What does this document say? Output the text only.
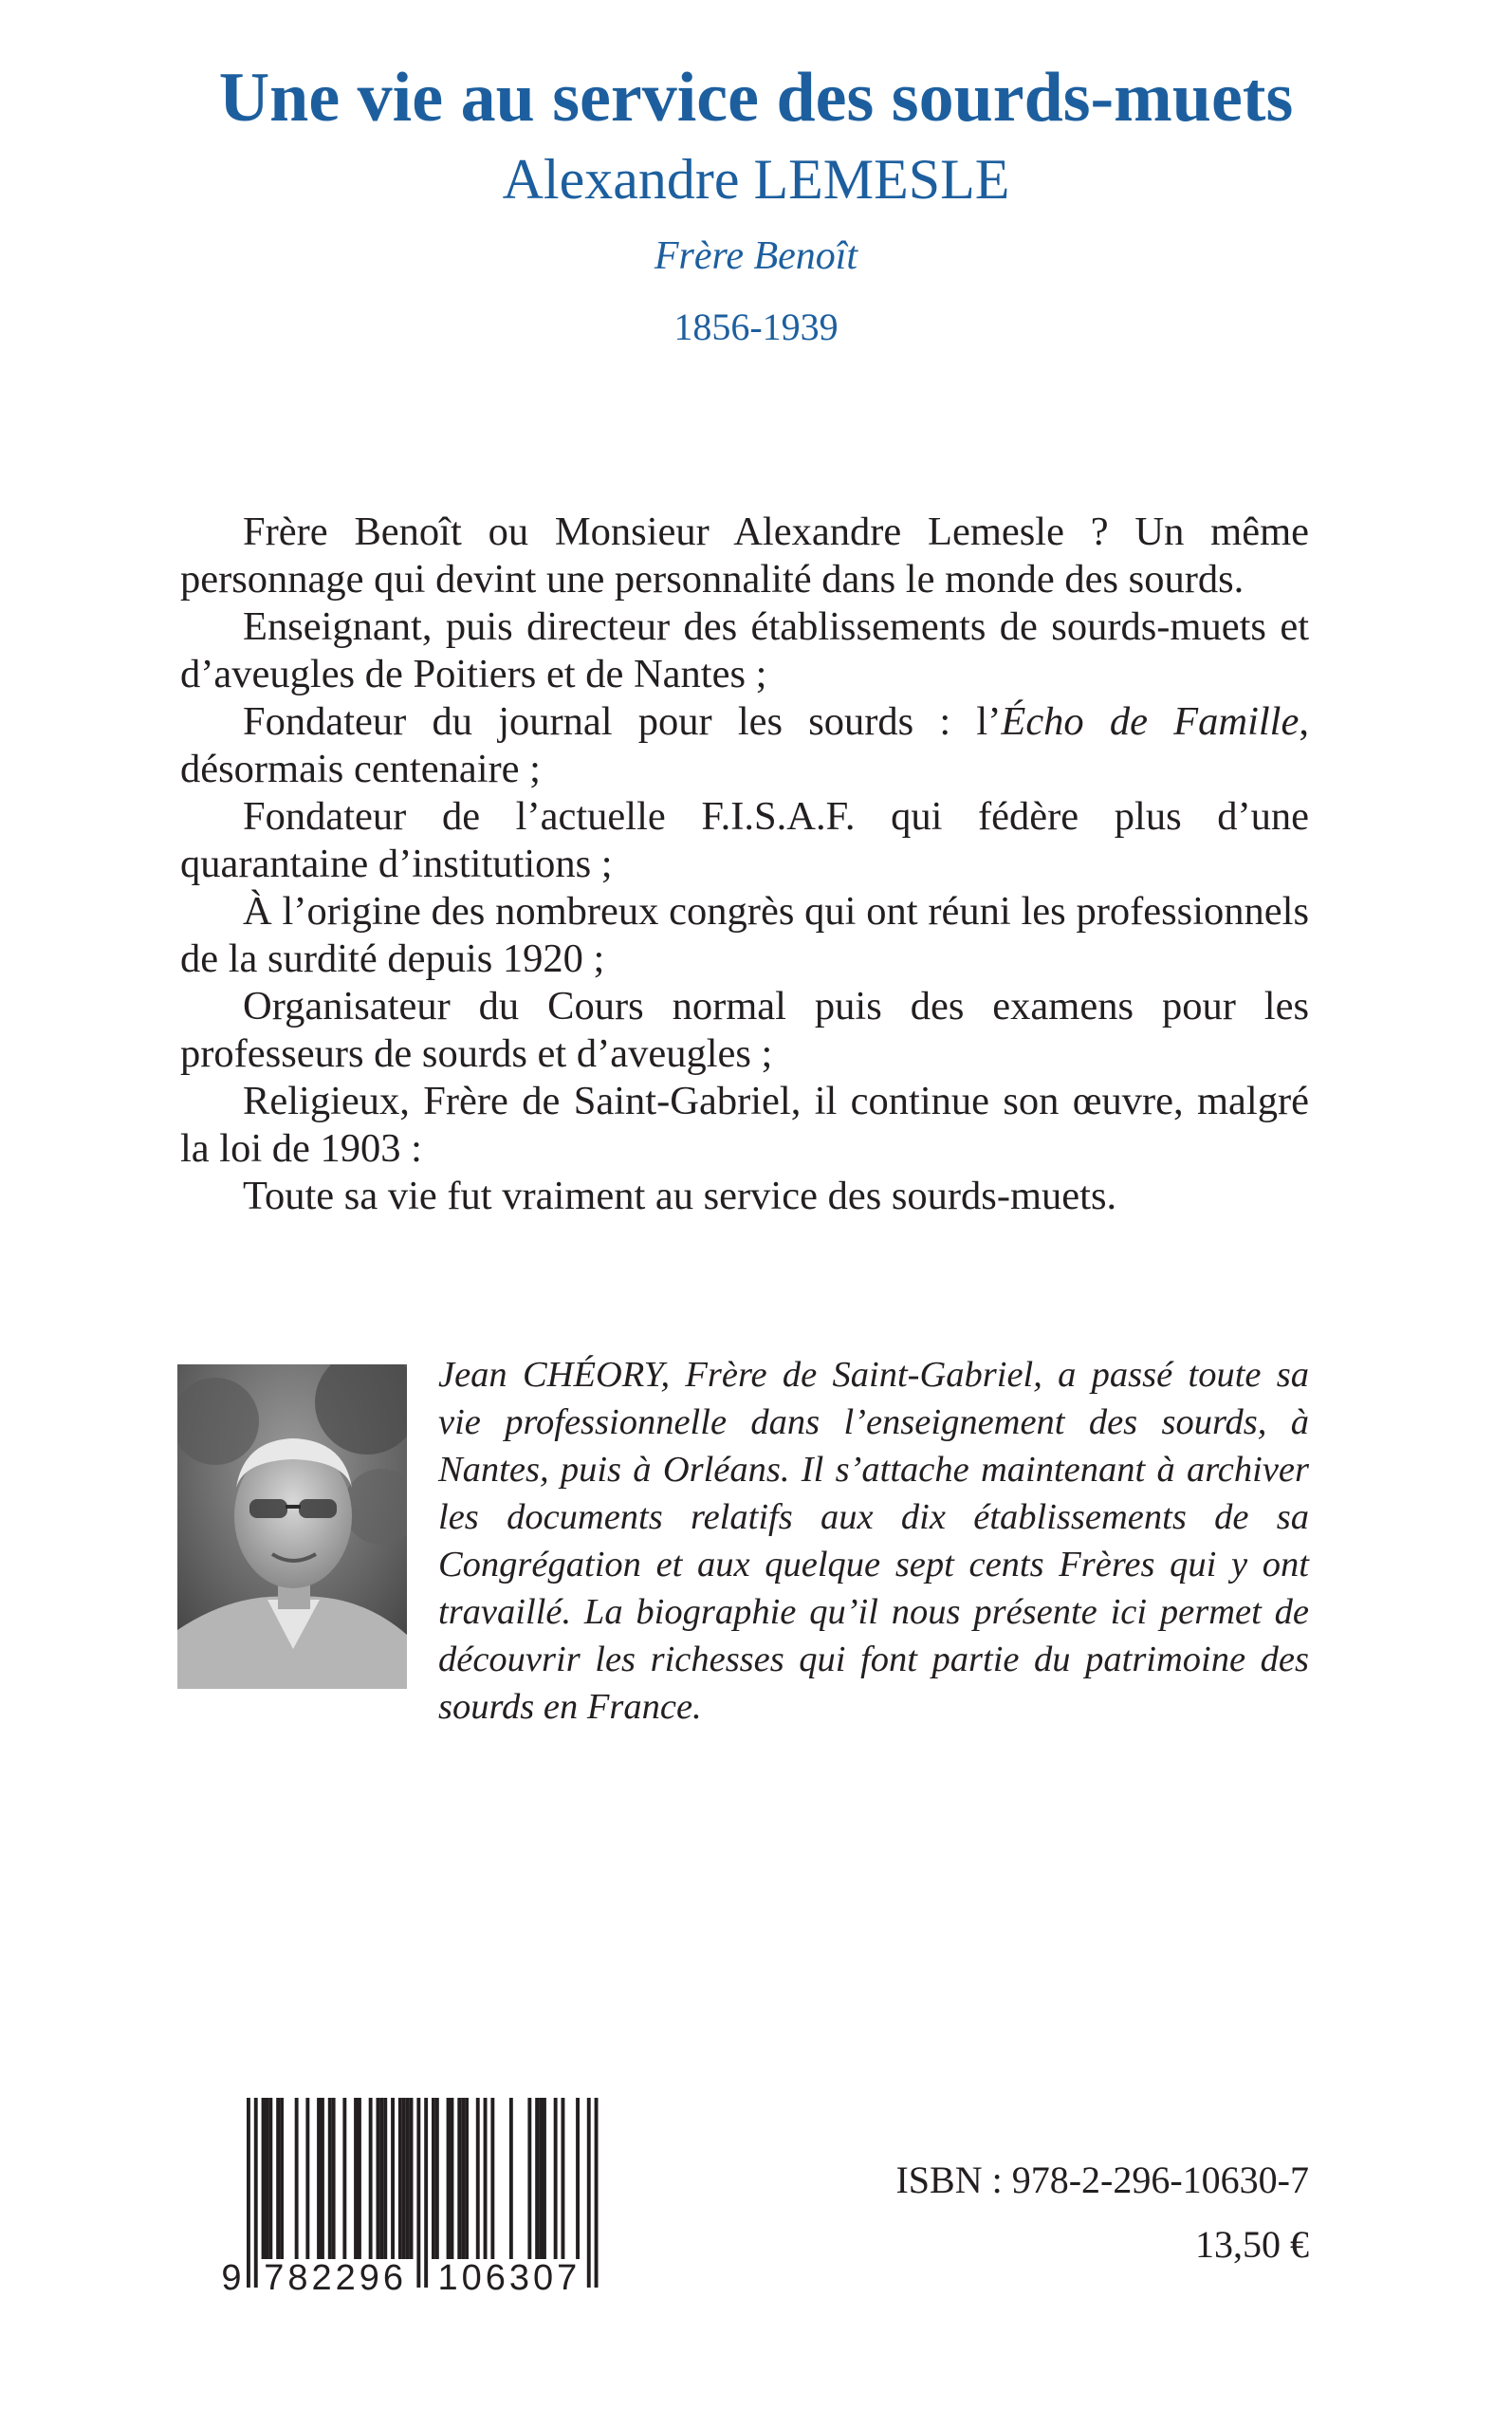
Une vie au service des sourds-muets
Alexandre LEMESLE
Frère Benoît
1856-1939

Frère Benoît ou Monsieur Alexandre Lemesle ? Un même personnage qui devint une personnalité dans le monde des sourds.

Enseignant, puis directeur des établissements de sourds-muets et d’aveugles de Poitiers et de Nantes ;

Fondateur du journal pour les sourds : l’Écho de Famille, désormais centenaire ;

Fondateur de l’actuelle F.I.S.A.F. qui fédère plus d’une quarantaine d’institutions ;

À l’origine des nombreux congrès qui ont réuni les professionnels de la surdité depuis 1920 ;

Organisateur du Cours normal puis des examens pour les professeurs de sourds et d’aveugles ;

Religieux, Frère de Saint-Gabriel, il continue son œuvre, malgré la loi de 1903 :

Toute sa vie fut vraiment au service des sourds-muets.

Jean CHÉORY, Frère de Saint-Gabriel, a passé toute sa vie professionnelle dans l’enseignement des sourds, à Nantes, puis à Orléans. Il s’attache maintenant à archiver les documents relatifs aux dix établissements de sa Congrégation et aux quelque sept cents Frères qui y ont travaillé. La biographie qu’il nous présente ici permet de découvrir les richesses qui font partie du patrimoine des sourds en France.

9 782296 106307
ISBN : 978-2-296-10630-7
13,50 €
